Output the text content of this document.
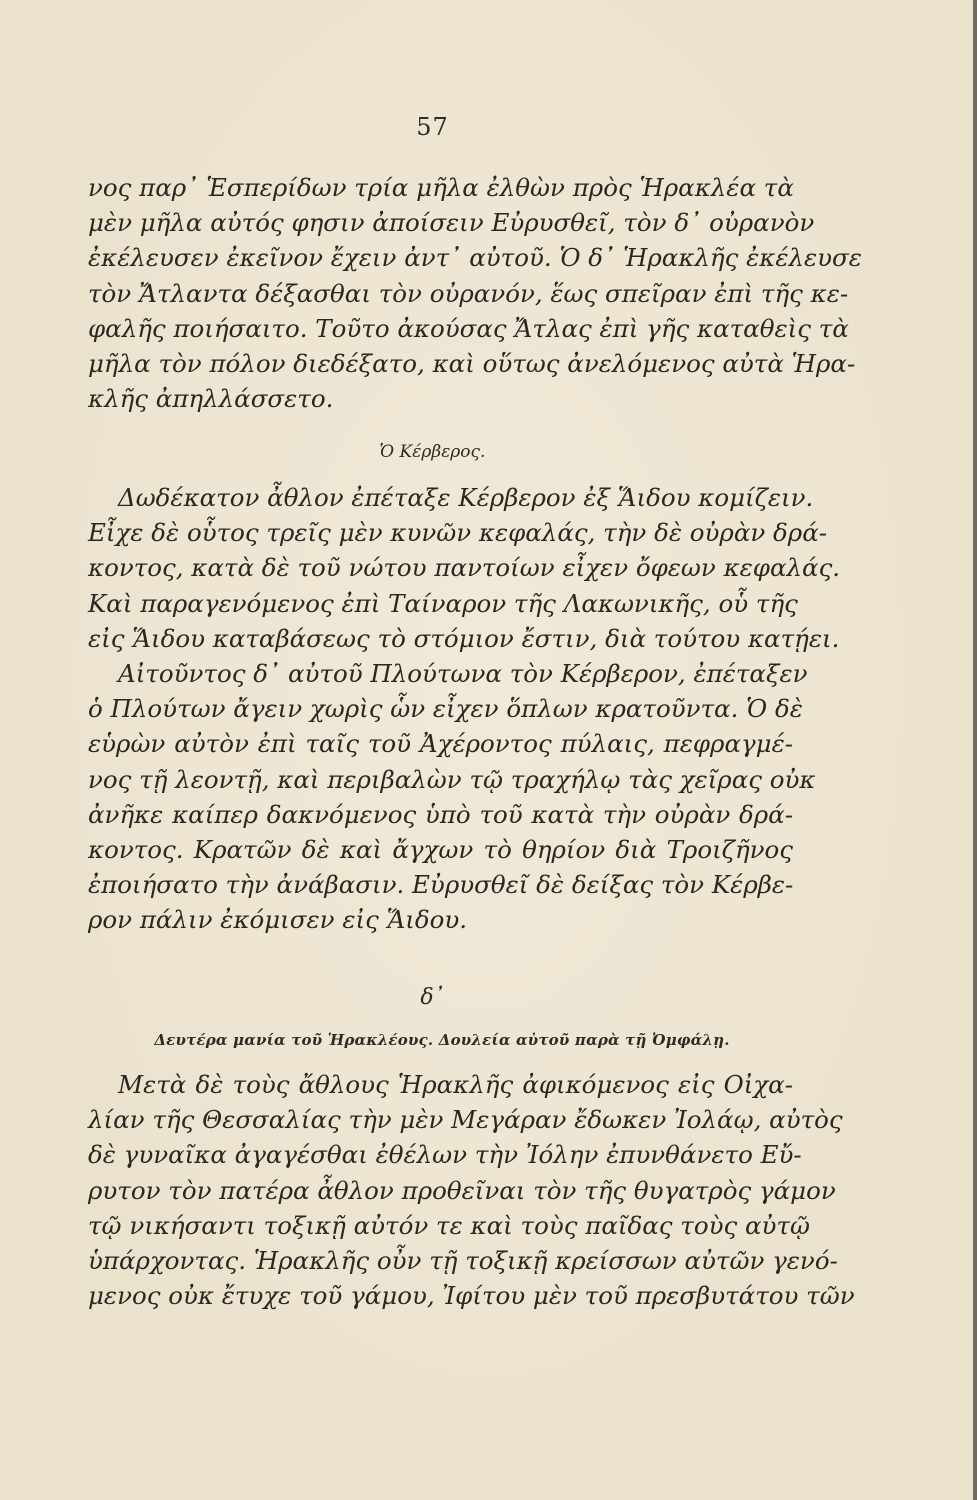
57
νος παρ᾽ Ἑσπερίδων τρία μῆλα ἐλθὼν πρὸς Ἡρακλέα τὰ
μὲν μῆλα αὐτός φησιν ἀποίσειν Εὐρυσθεῖ, τὸν δ᾽ οὐρανὸν
ἐκέλευσεν ἐκεῖνον ἔχειν ἀντ᾽ αὐτοῦ. Ὁ δ᾽ Ἡρακλῆς ἐκέλευσε
τὸν Ἄτλαντα δέξασθαι τὸν οὐρανόν, ἕως σπεῖραν ἐπὶ τῆς κε-
φαλῆς ποιήσαιτο. Τοῦτο ἀκούσας Ἄτλας ἐπὶ γῆς καταθεὶς τὰ
μῆλα τὸν πόλον διεδέξατο, καὶ οὕτως ἀνελόμενος αὐτὰ Ἡρα-
κλῆς ἀπηλλάσσετο.
Ὁ Κέρβερος.
Δωδέκατον ἆθλον ἐπέταξε Κέρβερον ἐξ Ἅιδου κομίζειν.
Εἶχε δὲ οὗτος τρεῖς μὲν κυνῶν κεφαλάς, τὴν δὲ οὐρὰν δρά-
κοντος, κατὰ δὲ τοῦ νώτου παντοίων εἶχεν ὄφεων κεφαλάς.
Καὶ παραγενόμενος ἐπὶ Ταίναρον τῆς Λακωνικῆς, οὗ τῆς
εἰς Ἅιδου καταβάσεως τὸ στόμιον ἔστιν, διὰ τούτου κατῄει.
Αἰτοῦντος δ᾽ αὐτοῦ Πλούτωνα τὸν Κέρβερον, ἐπέταξεν
ὁ Πλούτων ἄγειν χωρὶς ὧν εἶχεν ὅπλων κρατοῦντα. Ὁ δὲ
εὑρὼν αὐτὸν ἐπὶ ταῖς τοῦ Ἀχέροντος πύλαις, πεφραγμέ-
νος τῇ λεοντῇ, καὶ περιβαλὼν τῷ τραχήλῳ τὰς χεῖρας οὐκ
ἀνῆκε καίπερ δακνόμενος ὑπὸ τοῦ κατὰ τὴν οὐρὰν δρά-
κοντος. Κρατῶν δὲ καὶ ἄγχων τὸ θηρίον διὰ Τροιζῆνος
ἐποιήσατο τὴν ἀνάβασιν. Εὐρυσθεῖ δὲ δείξας τὸν Κέρβε-
ρον πάλιν ἐκόμισεν εἰς Ἅιδου.
δ᾽
Δευτέρα μανία τοῦ Ἡρακλέους. Δουλεία αὐτοῦ παρὰ τῇ Ὀμφάλῃ.
Μετὰ δὲ τοὺς ἄθλους Ἡρακλῆς ἀφικόμενος εἰς Οἰχα-
λίαν τῆς Θεσσαλίας τὴν μὲν Μεγάραν ἔδωκεν Ἰολάῳ, αὐτὸς
δὲ γυναῖκα ἀγαγέσθαι ἐθέλων τὴν Ἰόλην ἐπυνθάνετο Εὔ-
ρυτον τὸν πατέρα ἆθλον προθεῖναι τὸν τῆς θυγατρὸς γάμον
τῷ νικήσαντι τοξικῇ αὐτόν τε καὶ τοὺς παῖδας τοὺς αὐτῷ
ὑπάρχοντας. Ἡρακλῆς οὖν τῇ τοξικῇ κρείσσων αὐτῶν γενό-
μενος οὐκ ἔτυχε τοῦ γάμου, Ἰφίτου μὲν τοῦ πρεσβυτάτου τῶν
